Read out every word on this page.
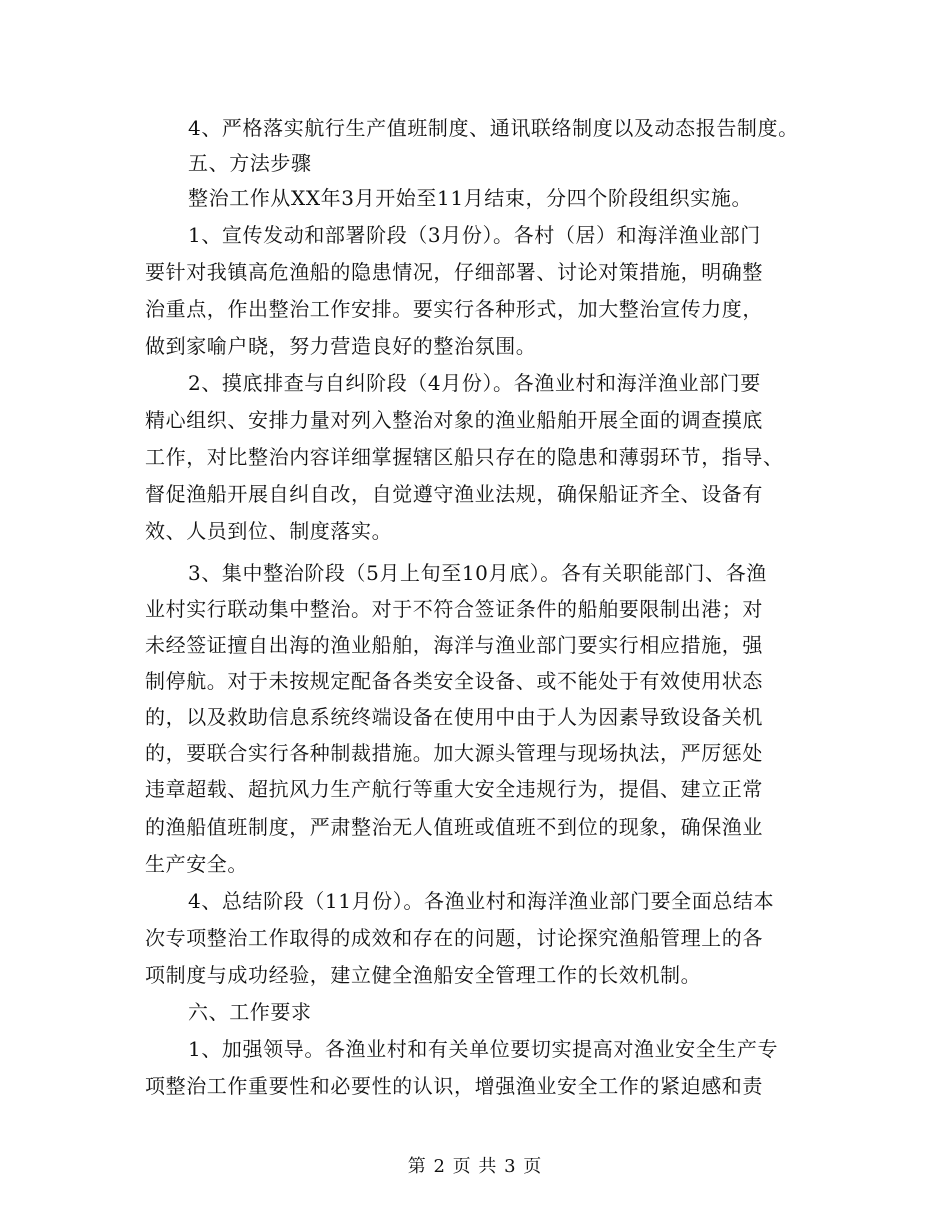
4、严格落实航行生产值班制度、通讯联络制度以及动态报告制度。
五、方法步骤
整治工作从XX年3月开始至11月结束，分四个阶段组织实施。
1、宣传发动和部署阶段（3月份）。各村（居）和海洋渔业部门
要针对我镇高危渔船的隐患情况，仔细部署、讨论对策措施，明确整
治重点，作出整治工作安排。要实行各种形式，加大整治宣传力度，
做到家喻户晓，努力营造良好的整治氛围。
2、摸底排查与自纠阶段（4月份）。各渔业村和海洋渔业部门要
精心组织、安排力量对列入整治对象的渔业船舶开展全面的调查摸底
工作，对比整治内容详细掌握辖区船只存在的隐患和薄弱环节，指导、
督促渔船开展自纠自改，自觉遵守渔业法规，确保船证齐全、设备有
效、人员到位、制度落实。
3、集中整治阶段（5月上旬至10月底）。各有关职能部门、各渔
业村实行联动集中整治。对于不符合签证条件的船舶要限制出港；对
未经签证擅自出海的渔业船舶，海洋与渔业部门要实行相应措施，强
制停航。对于未按规定配备各类安全设备、或不能处于有效使用状态
的，以及救助信息系统终端设备在使用中由于人为因素导致设备关机
的，要联合实行各种制裁措施。加大源头管理与现场执法，严厉惩处
违章超载、超抗风力生产航行等重大安全违规行为，提倡、建立正常
的渔船值班制度，严肃整治无人值班或值班不到位的现象，确保渔业
生产安全。
4、总结阶段（11月份）。各渔业村和海洋渔业部门要全面总结本
次专项整治工作取得的成效和存在的问题，讨论探究渔船管理上的各
项制度与成功经验，建立健全渔船安全管理工作的长效机制。
六、工作要求
1、加强领导。各渔业村和有关单位要切实提高对渔业安全生产专
项整治工作重要性和必要性的认识，增强渔业安全工作的紧迫感和责
第 2 页 共 3 页
